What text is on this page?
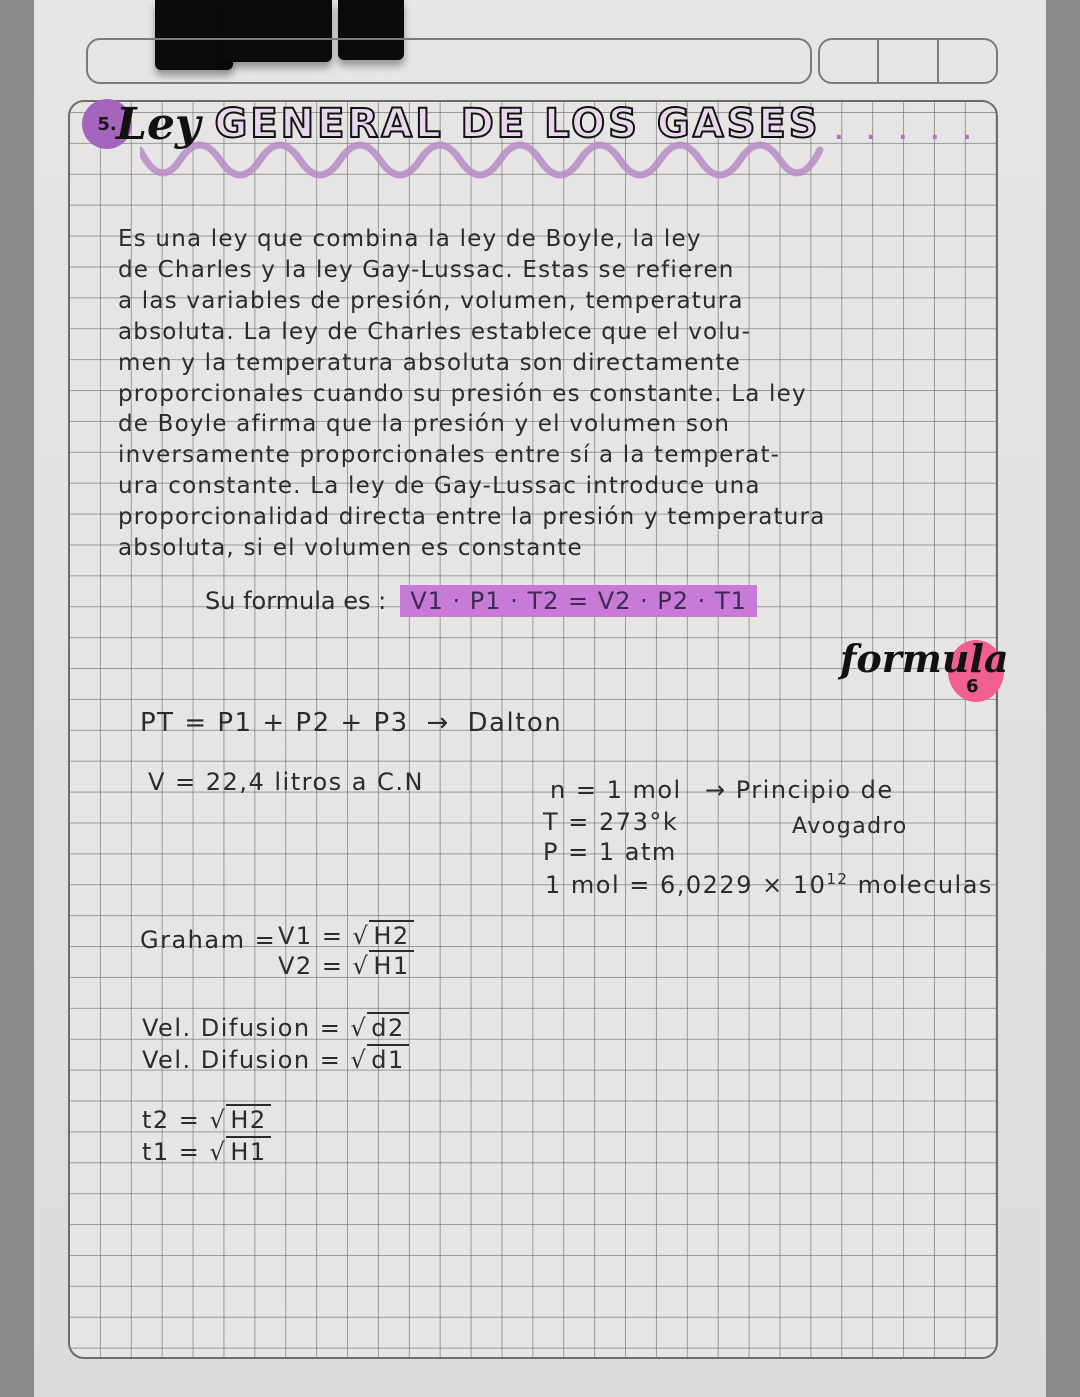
5. Ley GENERAL DE LOS GASES . . . . .
Es una ley que combina la ley de Boyle, la ley
de Charles y la ley Gay-Lussac. Estas se refieren
a las variables de presión, volumen, temperatura
absoluta. La ley de Charles establece que el volu-
men y la temperatura absoluta son directamente
proporcionales cuando su presión es constante. La ley
de Boyle afirma que la presión y el volumen son
inversamente proporcionales entre sí a la temperat-
ura constante. La ley de Gay-Lussac introduce una
proporcionalidad directa entre la presión y temperatura
absoluta, si el volumen es constante
Su formula es :	V1 · P1 · T2 = V2 · P2 · T1
formula
6
PT = P1 + P2 + P3 → Dalton
V = 22,4 litros a C.N	n = 1 mol → Principio de
T = 273°k	Avogadro
P = 1 atm
1 mol = $6,0229 \times 10^{12}$ moleculas
Graham = V1 = √ H2
V2 = √ H1
Vel. Difusion = √ d2
Vel. Difusion = √ d1
t2 = √ H2
t1 = √ H1
